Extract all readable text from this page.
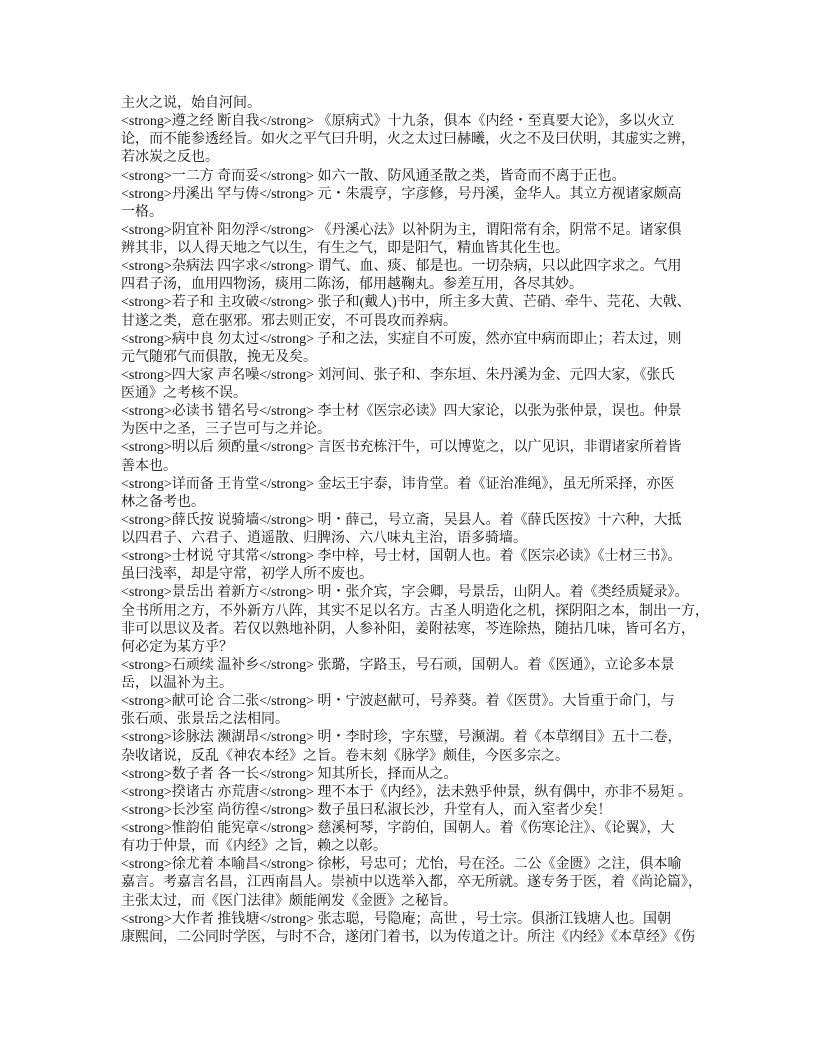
主火之说，始自河间。
<strong>遵之经 断自我</strong> 《原病式》十九条，俱本《内经・至真要大论》，多以火立
论，而不能参透经旨。如火之平气曰升明，火之太过曰赫曦，火之不及曰伏明，其虚实之辨，
若冰炭之反也。
<strong>一二方 奇而妥</strong> 如六一散、防风通圣散之类，皆奇而不离于正也。
<strong>丹溪出 罕与俦</strong> 元・朱震亨，字彦修，号丹溪，金华人。其立方视诸家颇高
一格。
<strong>阴宜补 阳勿浮</strong> 《丹溪心法》以补阴为主，谓阳常有余，阴常不足。诸家俱
辨其非，以人得天地之气以生，有生之气，即是阳气，精血皆其化生也。
<strong>杂病法 四字求</strong> 谓气、血、痰、郁是也。一切杂病，只以此四字求之。气用
四君子汤，血用四物汤，痰用二陈汤，郁用越鞠丸。参差互用，各尽其妙。
<strong>若子和 主攻破</strong> 张子和(戴人)书中，所主多大黄、芒硝、牵牛、芫花、大戟、
甘遂之类，意在驱邪。邪去则正安，不可畏攻而养病。
<strong>病中良 勿太过</strong> 子和之法，实症自不可废，然亦宜中病而即止；若太过，则
元气随邪气而俱散，挽无及矣。
<strong>四大家 声名噪</strong> 刘河间、张子和、李东垣、朱丹溪为金、元四大家，《张氏
医通》之考核不误。
<strong>必读书 错名号</strong> 李士材《医宗必读》四大家论，以张为张仲景，误也。仲景
为医中之圣，三子岂可与之并论。
<strong>明以后 须酌量</strong> 言医书充栋汗牛，可以博览之，以广见识，非谓诸家所着皆
善本也。
<strong>详而备 王肯堂</strong> 金坛王宇泰，讳肯堂。着《证治准绳》，虽无所采择，亦医
林之备考也。
<strong>薛氏按 说骑墙</strong> 明・薛己，号立斋，吴县人。着《薛氏医按》十六种，大抵
以四君子、六君子、逍遥散、归脾汤、六八味丸主治，语多骑墙。
<strong>士材说 守其常</strong> 李中梓，号士材，国朝人也。着《医宗必读》《士材三书》。
虽曰浅率，却是守常，初学人所不废也。
<strong>景岳出 着新方</strong> 明・张介宾，字会卿，号景岳，山阴人。着《类经质疑录》。
全书所用之方，不外新方八阵，其实不足以名方。古圣人明造化之机，探阴阳之本，制出一方，
非可以思议及者。若仅以熟地补阴，人参补阳，姜附祛寒，芩连除热，随拈几味，皆可名方，
何必定为某方乎？
<strong>石顽续 温补乡</strong> 张璐，字路玉，号石顽，国朝人。着《医通》，立论多本景
岳，以温补为主。
<strong>献可论 合二张</strong> 明・宁波赵献可，号养葵。着《医贯》。大旨重于命门，与
张石顽、张景岳之法相同。
<strong>诊脉法 濒湖昂</strong> 明・李时珍，字东璧，号濒湖。着《本草纲目》五十二卷，
杂收诸说，反乱《神农本经》之旨。卷末刻《脉学》颇佳，今医多宗之。
<strong>数子者 各一长</strong> 知其所长，择而从之。
<strong>揆诸古 亦荒唐</strong> 理不本于《内经》，法未熟乎仲景，纵有偶中，亦非不易矩 。
<strong>长沙室 尚彷徨</strong> 数子虽曰私淑长沙，升堂有人，而入室者少矣！
<strong>惟韵伯 能宪章</strong> 慈溪柯琴，字韵伯，国朝人。着《伤寒论注》、《论翼》，大
有功于仲景，而《内经》之旨，赖之以彰。
<strong>徐尤着 本喻昌</strong> 徐彬，号忠可；尤怡，号在泾。二公《金匮》之注，俱本喻
嘉言。考嘉言名昌，江西南昌人。崇祯中以选举入都，卒无所就。遂专务于医，着《尚论篇》，
主张太过，而《医门法律》颇能阐发《金匮》之秘旨。
<strong>大作者 推钱塘</strong> 张志聪，号隐庵；高世 ，号士宗。俱浙江钱塘人也。国朝
康熙间，二公同时学医，与时不合，遂闭门着书，以为传道之计。所注《内经》《本草经》《伤
